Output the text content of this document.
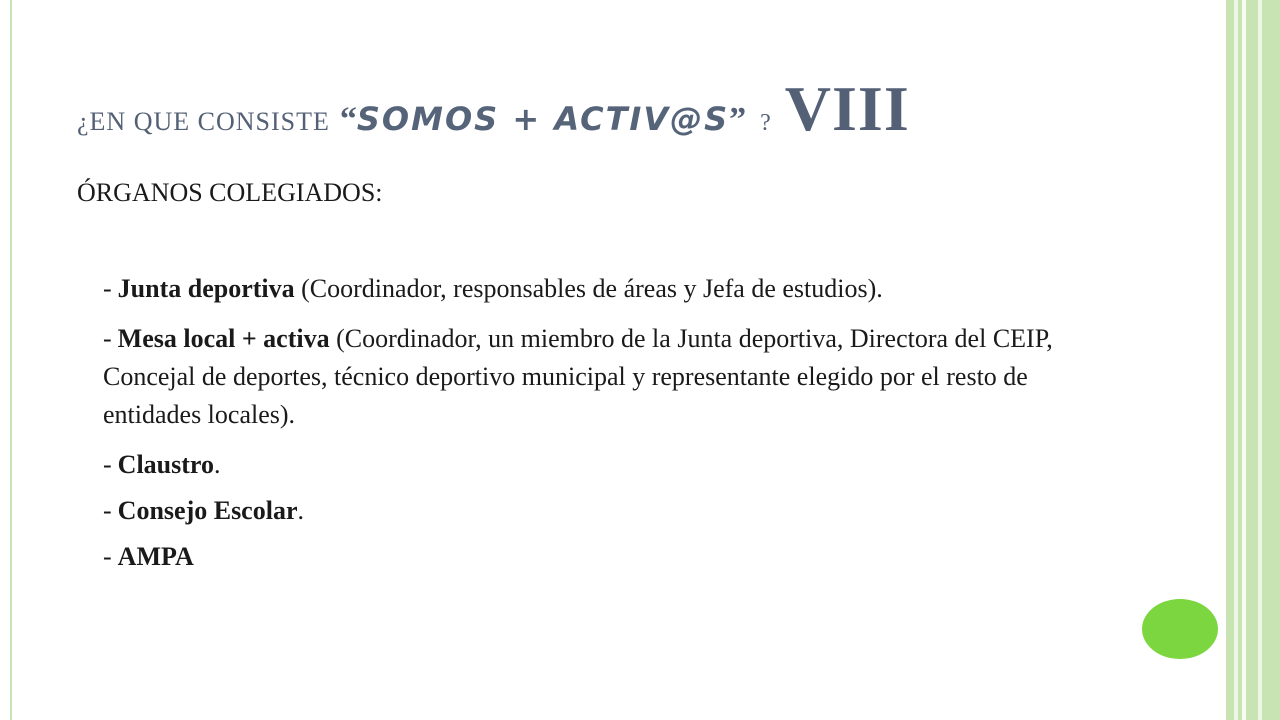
¿EN QUE CONSISTE “SOMOS + ACTIV@S” ? VIII
ÓRGANOS COLEGIADOS:
- Junta deportiva (Coordinador, responsables de áreas y Jefa de estudios).
- Mesa local + activa (Coordinador, un miembro de la Junta deportiva, Directora del CEIP, Concejal de deportes, técnico deportivo municipal y representante elegido por el resto de entidades locales).
- Claustro.
- Consejo Escolar.
- AMPA
